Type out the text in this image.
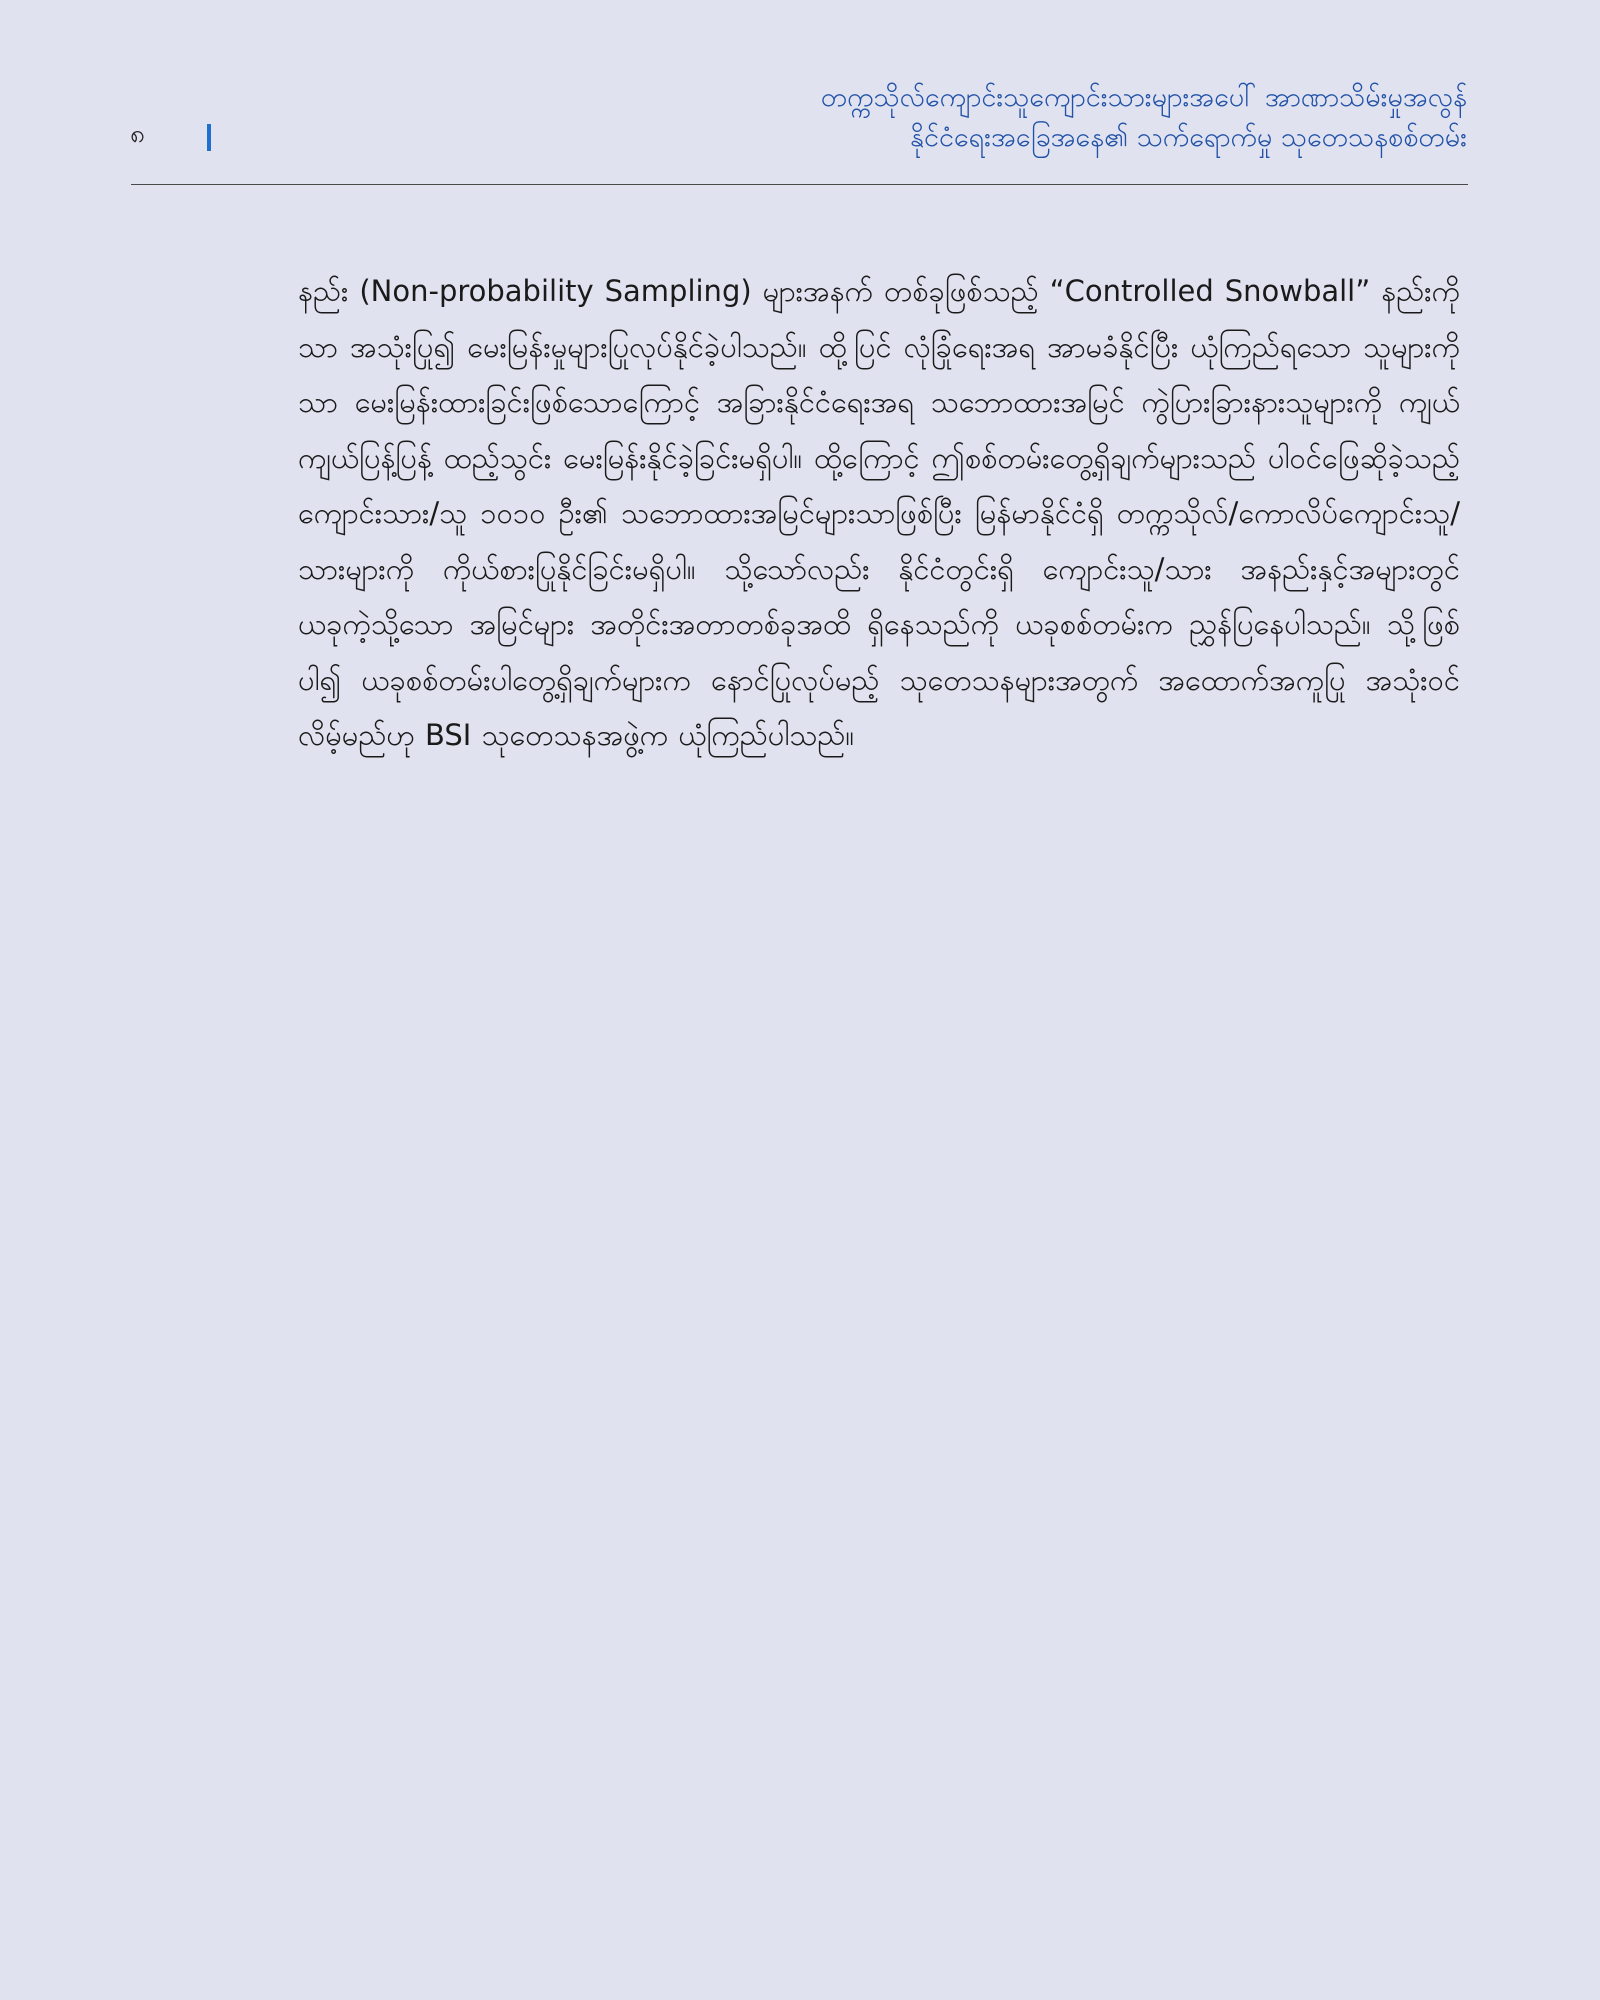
၈
တက္ကသိုလ်ကျောင်းသူကျောင်းသားများအပေါ် အာဏာသိမ်းမှုအလွန်
နိုင်ငံရေးအခြေအနေ၏ သက်ရောက်မှု သုတေသနစစ်တမ်း

နည်း (Non-probability Sampling) များအနက် တစ်ခုဖြစ်သည့် “Controlled Snowball” နည်းကိုသာ အသုံးပြု၍ မေးမြန်းမှုများပြုလုပ်နိုင်ခဲ့ပါသည်။ ထို့ပြင် လုံခြုံရေးအရ အာမခံနိုင်ပြီး ယုံကြည်ရသော သူများကိုသာ မေးမြန်းထားခြင်းဖြစ်သောကြောင့် အခြားနိုင်ငံရေးအရ သဘောထားအမြင် ကွဲပြားခြားနားသူများကို ကျယ်ကျယ်ပြန့်ပြန့် ထည့်သွင်း မေးမြန်းနိုင်ခဲ့ခြင်းမရှိပါ။ ထို့ကြောင့် ဤစစ်တမ်းတွေ့ရှိချက်များသည် ပါဝင်ဖြေဆိုခဲ့သည့် ကျောင်းသား/သူ ၁၀၁၀ ဦး၏ သဘောထားအမြင်များသာဖြစ်ပြီး မြန်မာနိုင်ငံရှိ တက္ကသိုလ်/ကောလိပ်ကျောင်းသူ/သားများကို ကိုယ်စားပြုနိုင်ခြင်းမရှိပါ။ သို့သော်လည်း နိုင်ငံတွင်းရှိ ကျောင်းသူ/သား အနည်းနှင့်အများတွင် ယခုကဲ့သို့သော အမြင်များ အတိုင်းအတာတစ်ခုအထိ ရှိနေသည်ကို ယခုစစ်တမ်းက ညွှန်ပြနေပါသည်။ သို့ဖြစ်ပါ၍ ယခုစစ်တမ်းပါတွေ့ရှိချက်များက နောင်ပြုလုပ်မည့် သုတေသနများအတွက် အထောက်အကူပြု အသုံးဝင်လိမ့်မည်ဟု BSI သုတေသနအဖွဲ့က ယုံကြည်ပါသည်။
